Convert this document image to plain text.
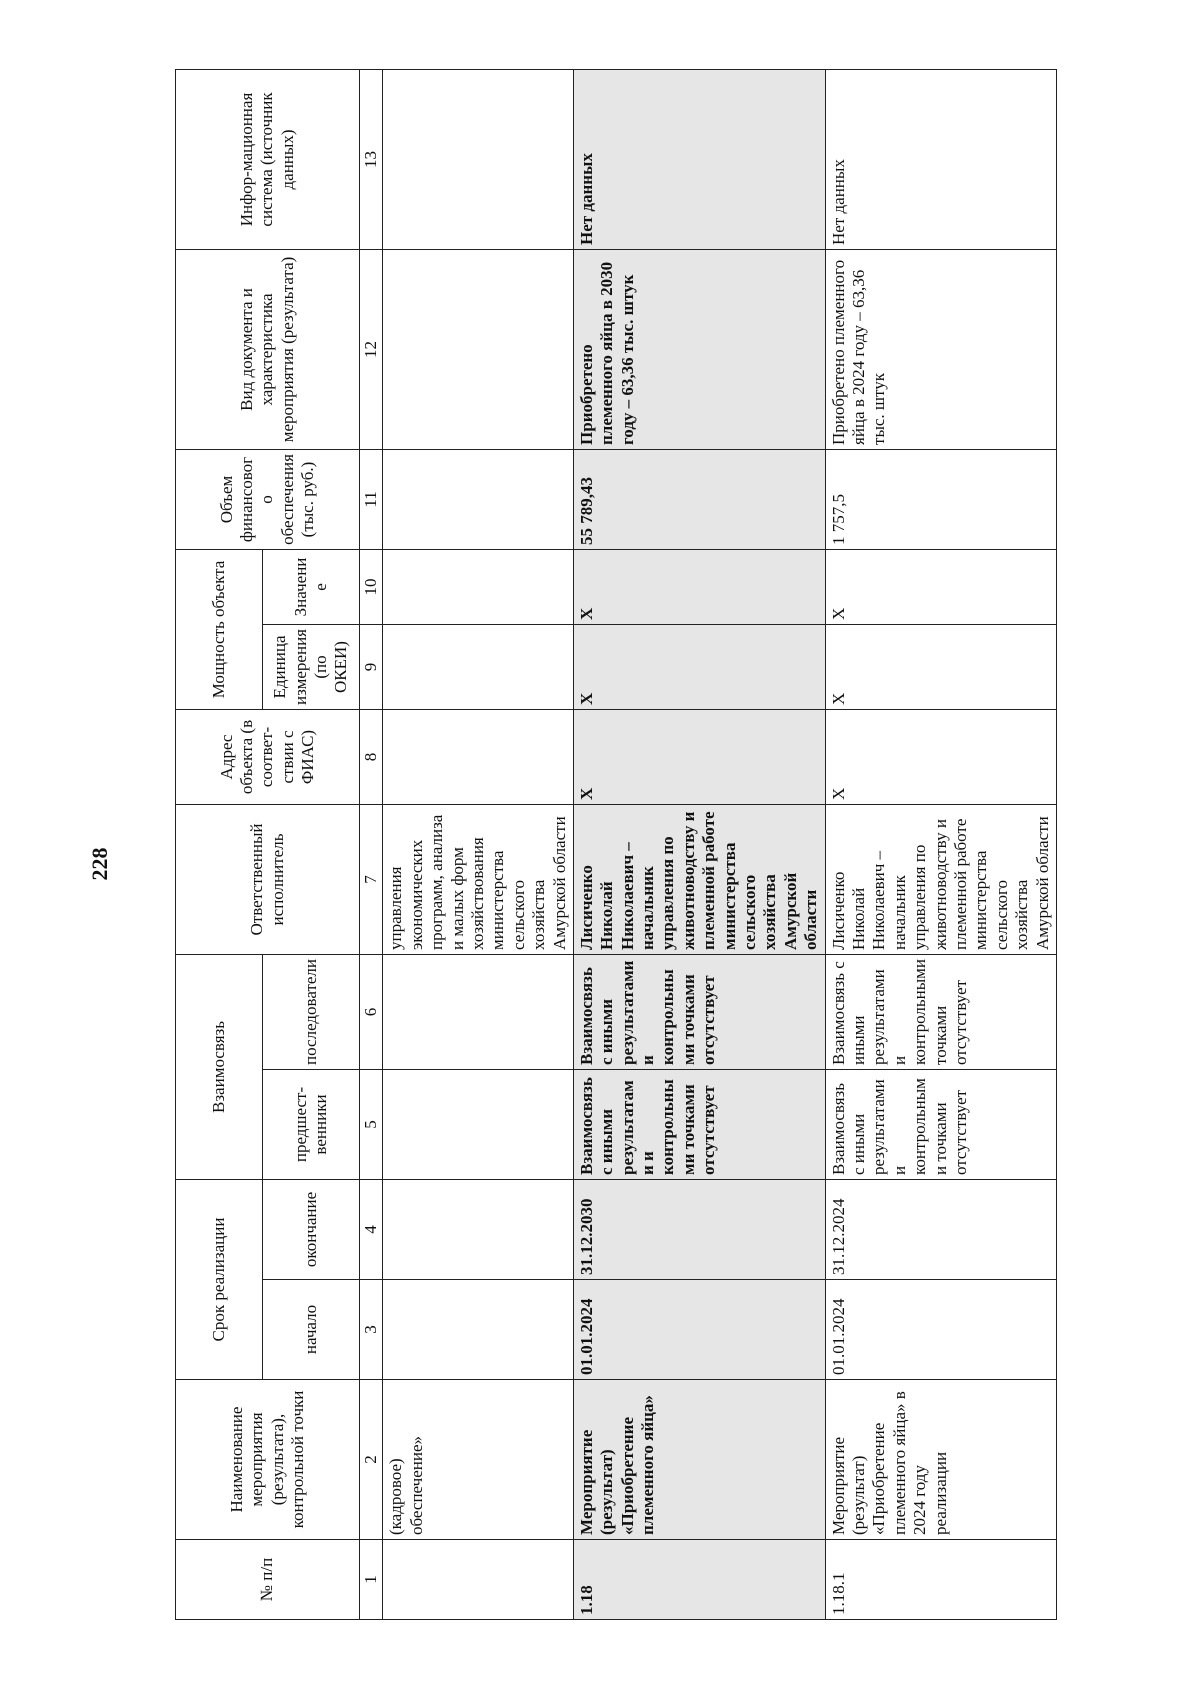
228
№ п/п	Наименование мероприятия (результата), контрольной точки	Срок реализации		Взаимосвязь		Ответственный исполнитель	Адрес объекта (в соответ-ствии с ФИАС)	Мощность объекта		Объем финансового обеспечения (тыс. руб.)	Вид документа и характеристика мероприятия (результата)	Инфор-мационная система (источник данных)
		начало	окончание	предшест-венники	последователи			Единица измерения (по ОКЕИ)	Значение			
1	2	3	4	5	6	7	8	9	10	11	12	13
	(кадровое) обеспечение»					управления экономических программ, анализа и малых форм хозяйствования министерства сельского хозяйства Амурской области						
1.18	Мероприятие (результат) «Приобретение племенного яйца»	01.01.2024	31.12.2030	Взаимосвязь с иными результатами и контрольными точками отсутствует	Взаимосвязь с иными результатами и контрольными точками отсутствует	Лисиченко Николай Николаевич – начальник управления по животноводству и племенной работе министерства сельского хозяйства Амурской области	X	X	X	55 789,43	Приобретено племенного яйца в 2030 году – 63,36 тыс. штук	Нет данных
1.18.1	Мероприятие (результат) «Приобретение племенного яйца» в 2024 году реализации	01.01.2024	31.12.2024	Взаимосвязь с иными результатами и контрольными точками отсутствует	Взаимосвязь с иными результатами и контрольными точками отсутствует	Лисиченко Николай Николаевич – начальник управления по животноводству и племенной работе министерства сельского хозяйства Амурской области	X	X	X	1 757,5	Приобретено племенного яйца в 2024 году – 63,36 тыс. штук	Нет данных
